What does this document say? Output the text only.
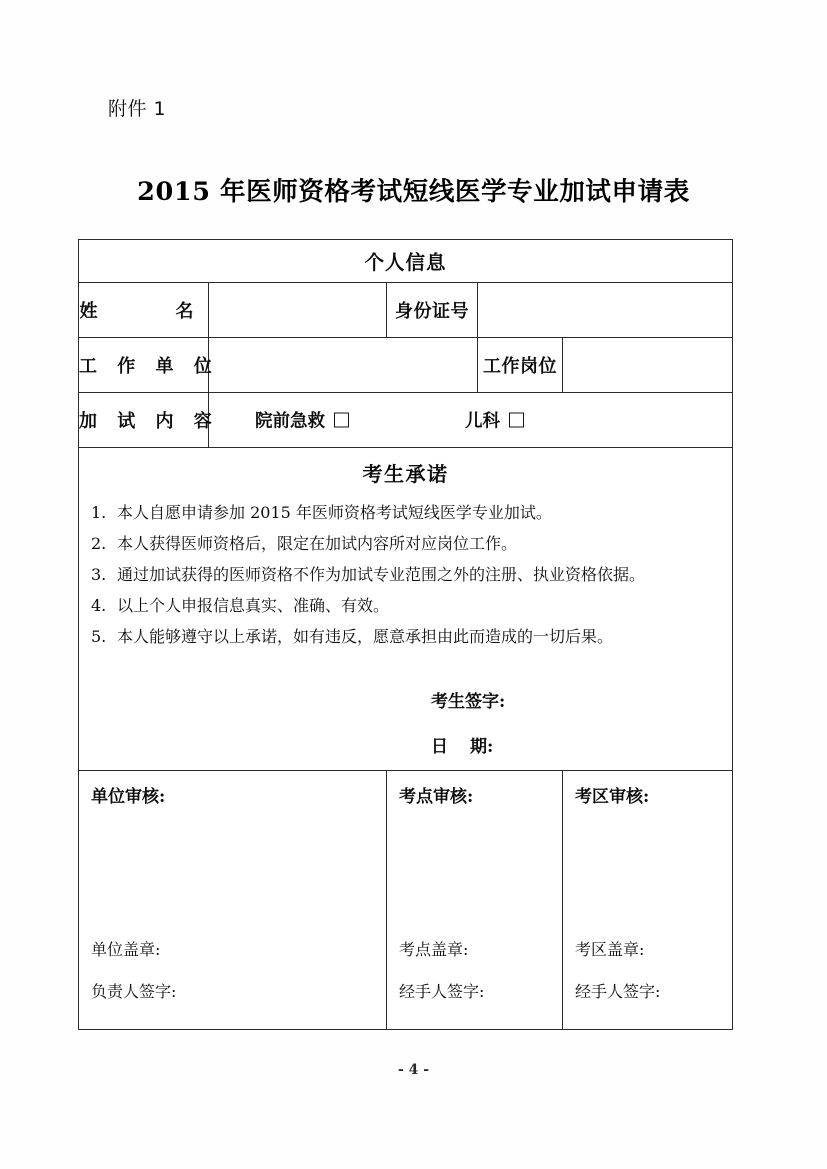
附件 1
2015 年医师资格考试短线医学专业加试申请表
个人信息				
姓　　名		身份证号		
工 作 单 位			工作岗位	
加 试 内 容	院前急救 儿科			

考生承诺
1. 本人自愿申请参加 2015 年医师资格考试短线医学专业加试。
2. 本人获得医师资格后，限定在加试内容所对应岗位工作。
3. 通过加试获得的医师资格不作为加试专业范围之外的注册、执业资格依据。
4. 以上个人申报信息真实、准确、有效。
5. 本人能够遵守以上承诺，如有违反，愿意承担由此而造成的一切后果。
考生签字:
日期:

单位审核:
单位盖章:
负责人签字:

考点审核:
考点盖章:
经手人签字:

考区审核:
考区盖章:
经手人签字:
- 4 -
